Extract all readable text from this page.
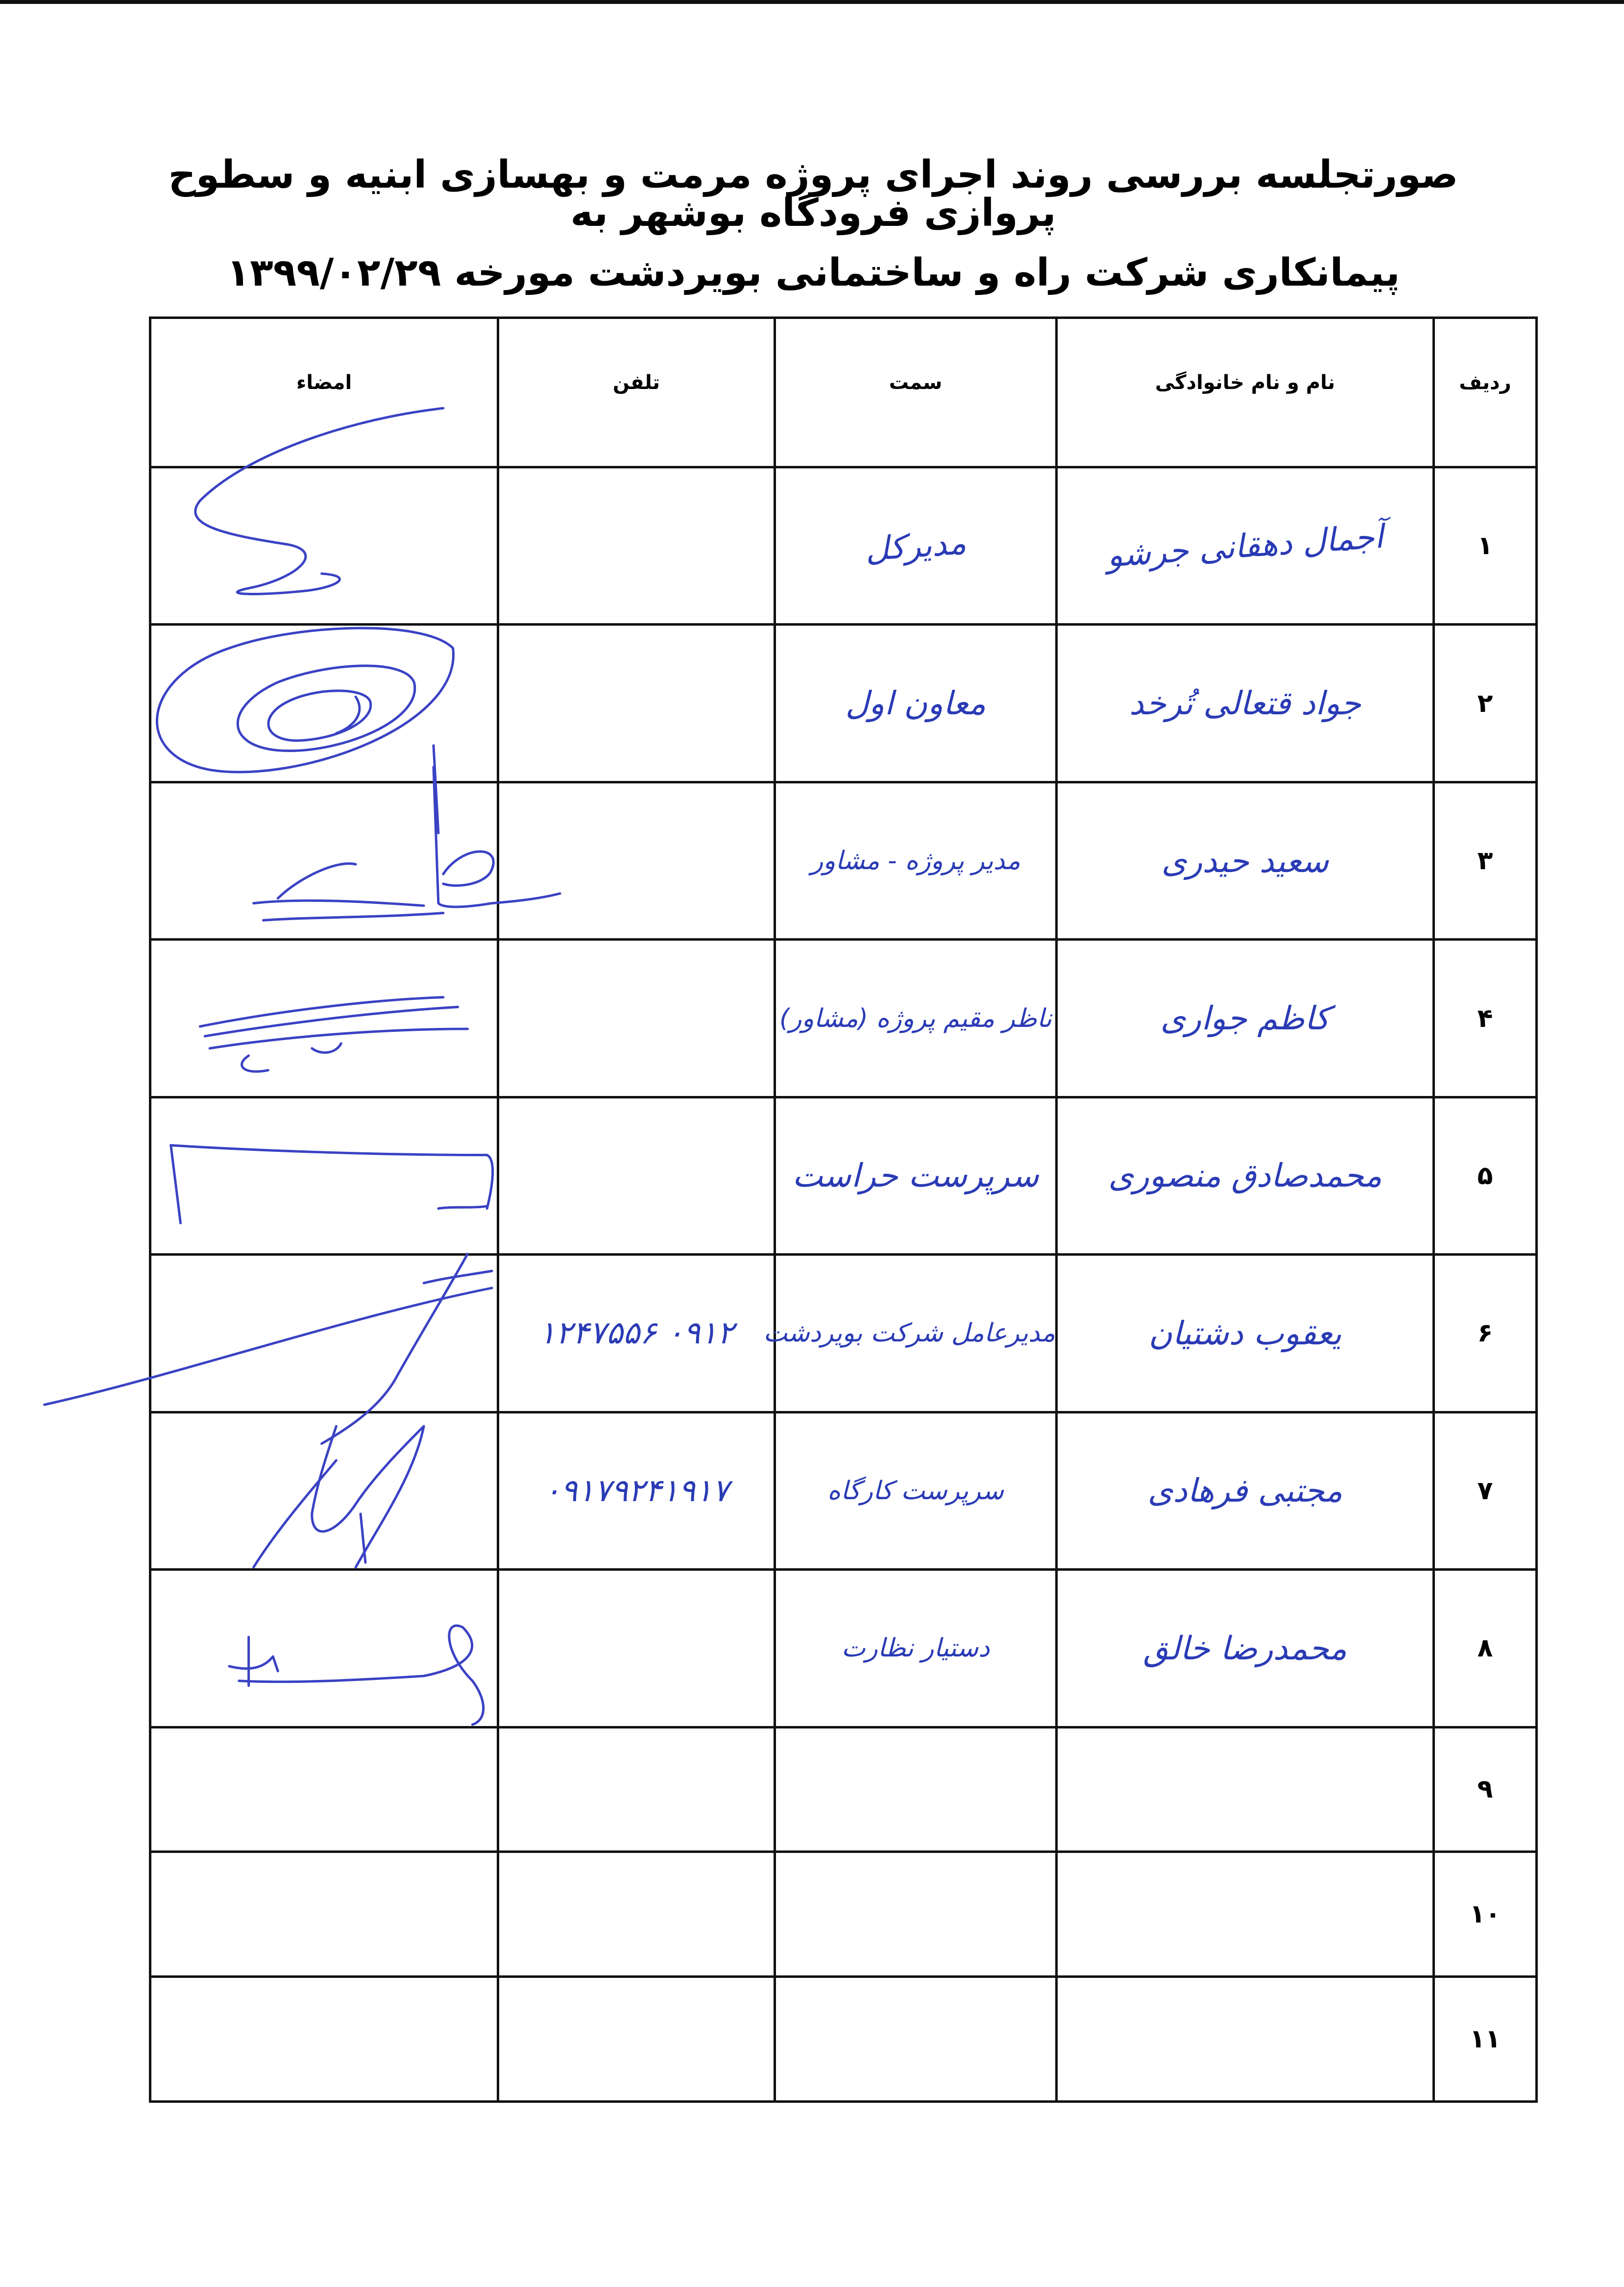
صورتجلسه بررسی روند اجرای پروژه مرمت و بهسازی ابنیه و سطوح پروازی فرودگاه بوشهر به
پیمانکاری شرکت راه و ساختمانی بویردشت مورخه ۱۳۹۹/۰۲/۲۹
ردیف	نام و نام خانوادگی	سمت	تلفن	امضاء
۱	آجمال دهقانی جرشو	مدیرکل

۲	جواد قتعالی تُرخد	معاون اول

۳	سعید حیدری	مدیر پروژه - مشاور

۴	کاظم جواری	ناظر مقیم پروژه (مشاور)

۵	محمدصادق منصوری	سرپرست حراست

۶	یعقوب دشتیان	مدیرعامل شرکت بویردشت	۰۹۱۲ ۱۲۴۷۵۵۶	

۷	مجتبی فرهادی	سرپرست کارگاه	۰۹۱۷۹۲۴۱۹۱۷	

۸	محمدرضا خالق	دستیار نظارت

۹	

۱۰	

۱۱	
